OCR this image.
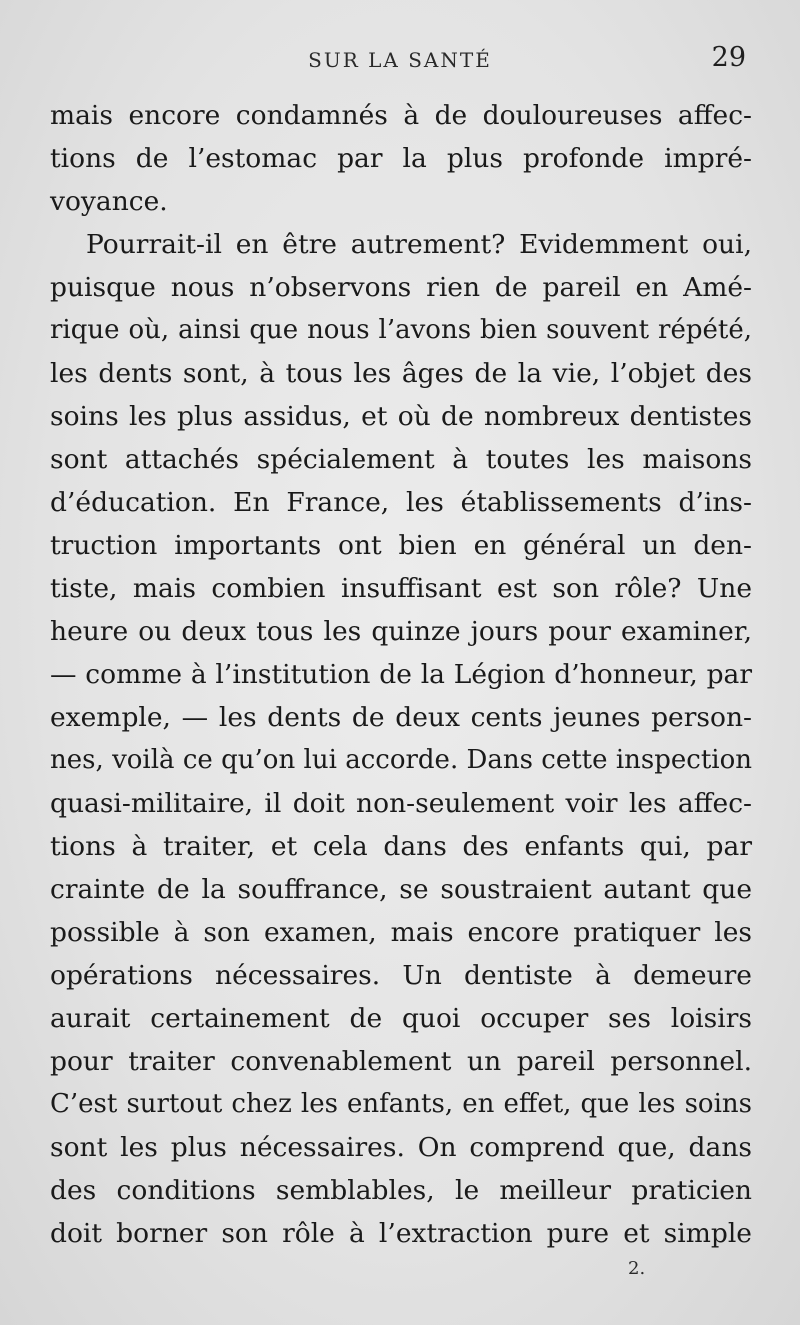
SUR LA SANTÉ	29
mais encore condamnés à de douloureuses affec-
tions de l’estomac par la plus profonde impré-
voyance.
Pourrait-il en être autrement? Evidemment oui,
puisque nous n’observons rien de pareil en Amé-
rique où, ainsi que nous l’avons bien souvent répété,
les dents sont, à tous les âges de la vie, l’objet des
soins les plus assidus, et où de nombreux dentistes
sont attachés spécialement à toutes les maisons
d’éducation. En France, les établissements d’ins-
truction importants ont bien en général un den-
tiste, mais combien insuffisant est son rôle? Une
heure ou deux tous les quinze jours pour examiner,
— comme à l’institution de la Légion d’honneur, par
exemple, — les dents de deux cents jeunes person-
nes, voilà ce qu’on lui accorde. Dans cette inspection
quasi-militaire, il doit non-seulement voir les affec-
tions à traiter, et cela dans des enfants qui, par
crainte de la souffrance, se soustraient autant que
possible à son examen, mais encore pratiquer les
opérations nécessaires. Un dentiste à demeure
aurait certainement de quoi occuper ses loisirs
pour traiter convenablement un pareil personnel.
C’est surtout chez les enfants, en effet, que les soins
sont les plus nécessaires. On comprend que, dans
des conditions semblables, le meilleur praticien
doit borner son rôle à l’extraction pure et simple
2.
